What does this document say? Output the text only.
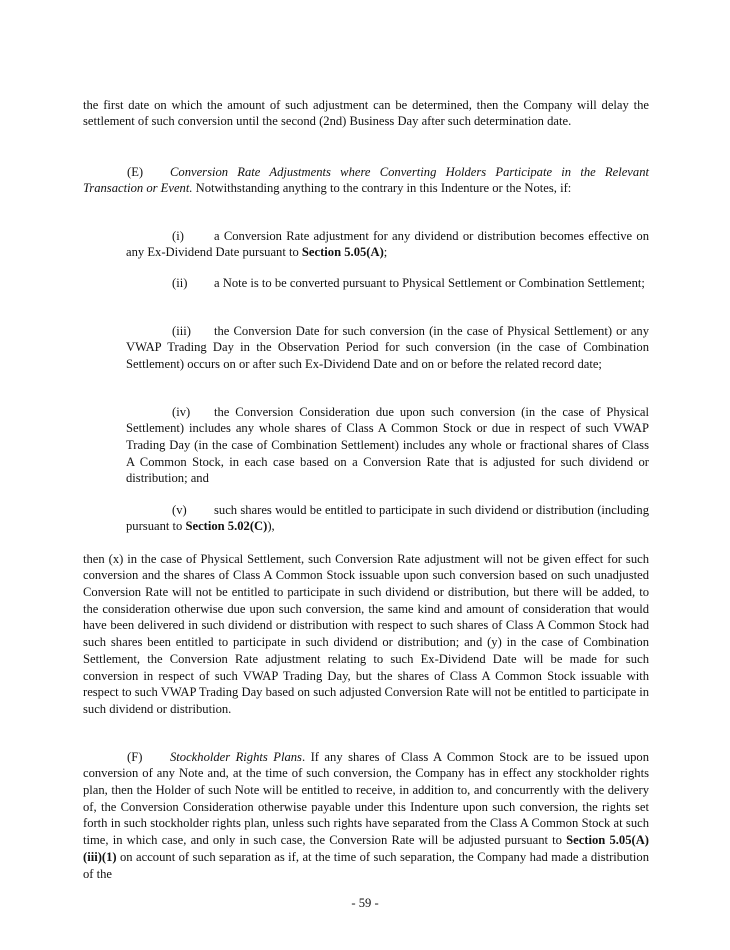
the first date on which the amount of such adjustment can be determined, then the Company will delay the settlement of such conversion until the second (2nd) Business Day after such determination date.

(E) Conversion Rate Adjustments where Converting Holders Participate in the Relevant Transaction or Event. Notwithstanding anything to the contrary in this Indenture or the Notes, if:

(i) a Conversion Rate adjustment for any dividend or distribution becomes effective on any Ex-Dividend Date pursuant to Section 5.05(A);

(ii) a Note is to be converted pursuant to Physical Settlement or Combination Settlement;

(iii) the Conversion Date for such conversion (in the case of Physical Settlement) or any VWAP Trading Day in the Observation Period for such conversion (in the case of Combination Settlement) occurs on or after such Ex-Dividend Date and on or before the related record date;

(iv) the Conversion Consideration due upon such conversion (in the case of Physical Settlement) includes any whole shares of Class A Common Stock or due in respect of such VWAP Trading Day (in the case of Combination Settlement) includes any whole or fractional shares of Class A Common Stock, in each case based on a Conversion Rate that is adjusted for such dividend or distribution; and

(v) such shares would be entitled to participate in such dividend or distribution (including pursuant to Section 5.02(C)),

then (x) in the case of Physical Settlement, such Conversion Rate adjustment will not be given effect for such conversion and the shares of Class A Common Stock issuable upon such conversion based on such unadjusted Conversion Rate will not be entitled to participate in such dividend or distribution, but there will be added, to the consideration otherwise due upon such conversion, the same kind and amount of consideration that would have been delivered in such dividend or distribution with respect to such shares of Class A Common Stock had such shares been entitled to participate in such dividend or distribution; and (y) in the case of Combination Settlement, the Conversion Rate adjustment relating to such Ex-Dividend Date will be made for such conversion in respect of such VWAP Trading Day, but the shares of Class A Common Stock issuable with respect to such VWAP Trading Day based on such adjusted Conversion Rate will not be entitled to participate in such dividend or distribution.

(F) Stockholder Rights Plans. If any shares of Class A Common Stock are to be issued upon conversion of any Note and, at the time of such conversion, the Company has in effect any stockholder rights plan, then the Holder of such Note will be entitled to receive, in addition to, and concurrently with the delivery of, the Conversion Consideration otherwise payable under this Indenture upon such conversion, the rights set forth in such stockholder rights plan, unless such rights have separated from the Class A Common Stock at such time, in which case, and only in such case, the Conversion Rate will be adjusted pursuant to Section 5.05(A)(iii)(1) on account of such separation as if, at the time of such separation, the Company had made a distribution of the

- 59 -
